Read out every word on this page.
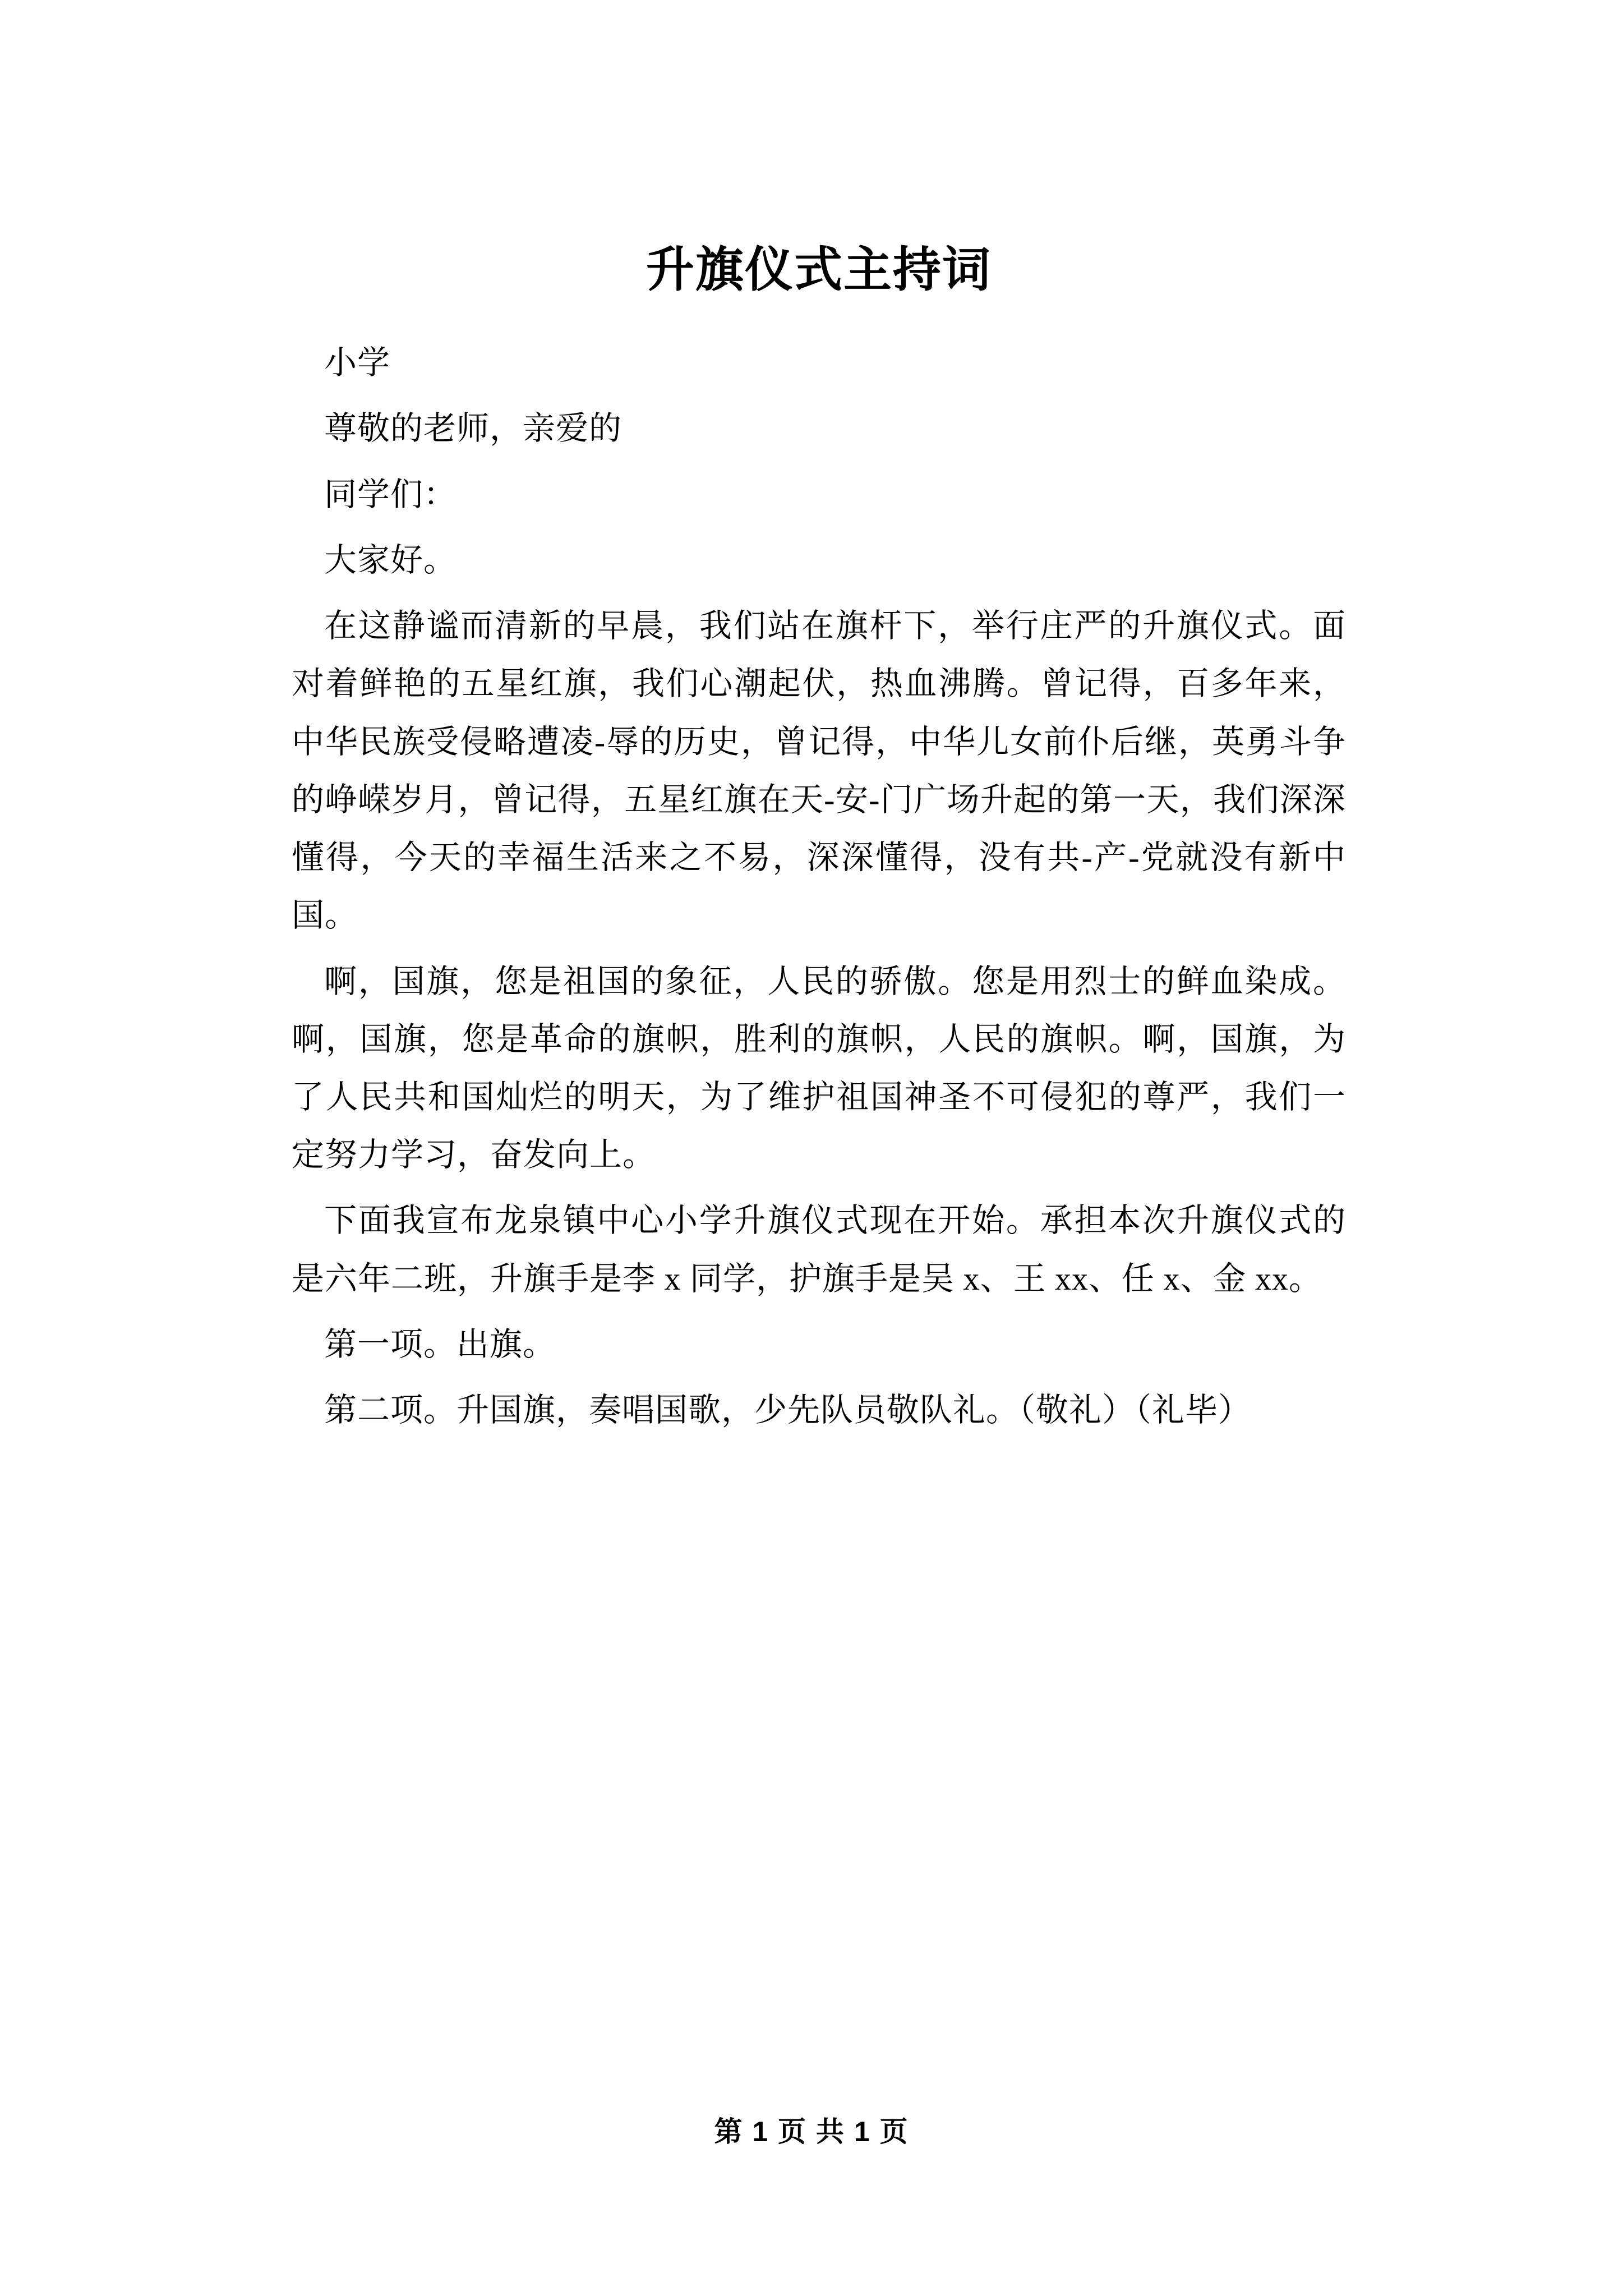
升旗仪式主持词

小学

尊敬的老师，亲爱的

同学们：

大家好。

在这静谧而清新的早晨，我们站在旗杆下，举行庄严的升旗仪式。面对着鲜艳的五星红旗，我们心潮起伏，热血沸腾。曾记得，百多年来，中华民族受侵略遭凌-辱的历史，曾记得，中华儿女前仆后继，英勇斗争的峥嵘岁月，曾记得，五星红旗在天-安-门广场升起的第一天，我们深深懂得，今天的幸福生活来之不易，深深懂得，没有共-产-党就没有新中国。

啊，国旗，您是祖国的象征，人民的骄傲。您是用烈士的鲜血染成。啊，国旗，您是革命的旗帜，胜利的旗帜，人民的旗帜。啊，国旗，为了人民共和国灿烂的明天，为了维护祖国神圣不可侵犯的尊严，我们一定努力学习，奋发向上。

下面我宣布龙泉镇中心小学升旗仪式现在开始。承担本次升旗仪式的是六年二班，升旗手是李 x 同学，护旗手是吴 x、王 xx、任 x、金 xx。

第一项。出旗。

第二项。升国旗，奏唱国歌，少先队员敬队礼。（敬礼）（礼毕）

第 1 页 共 1 页
